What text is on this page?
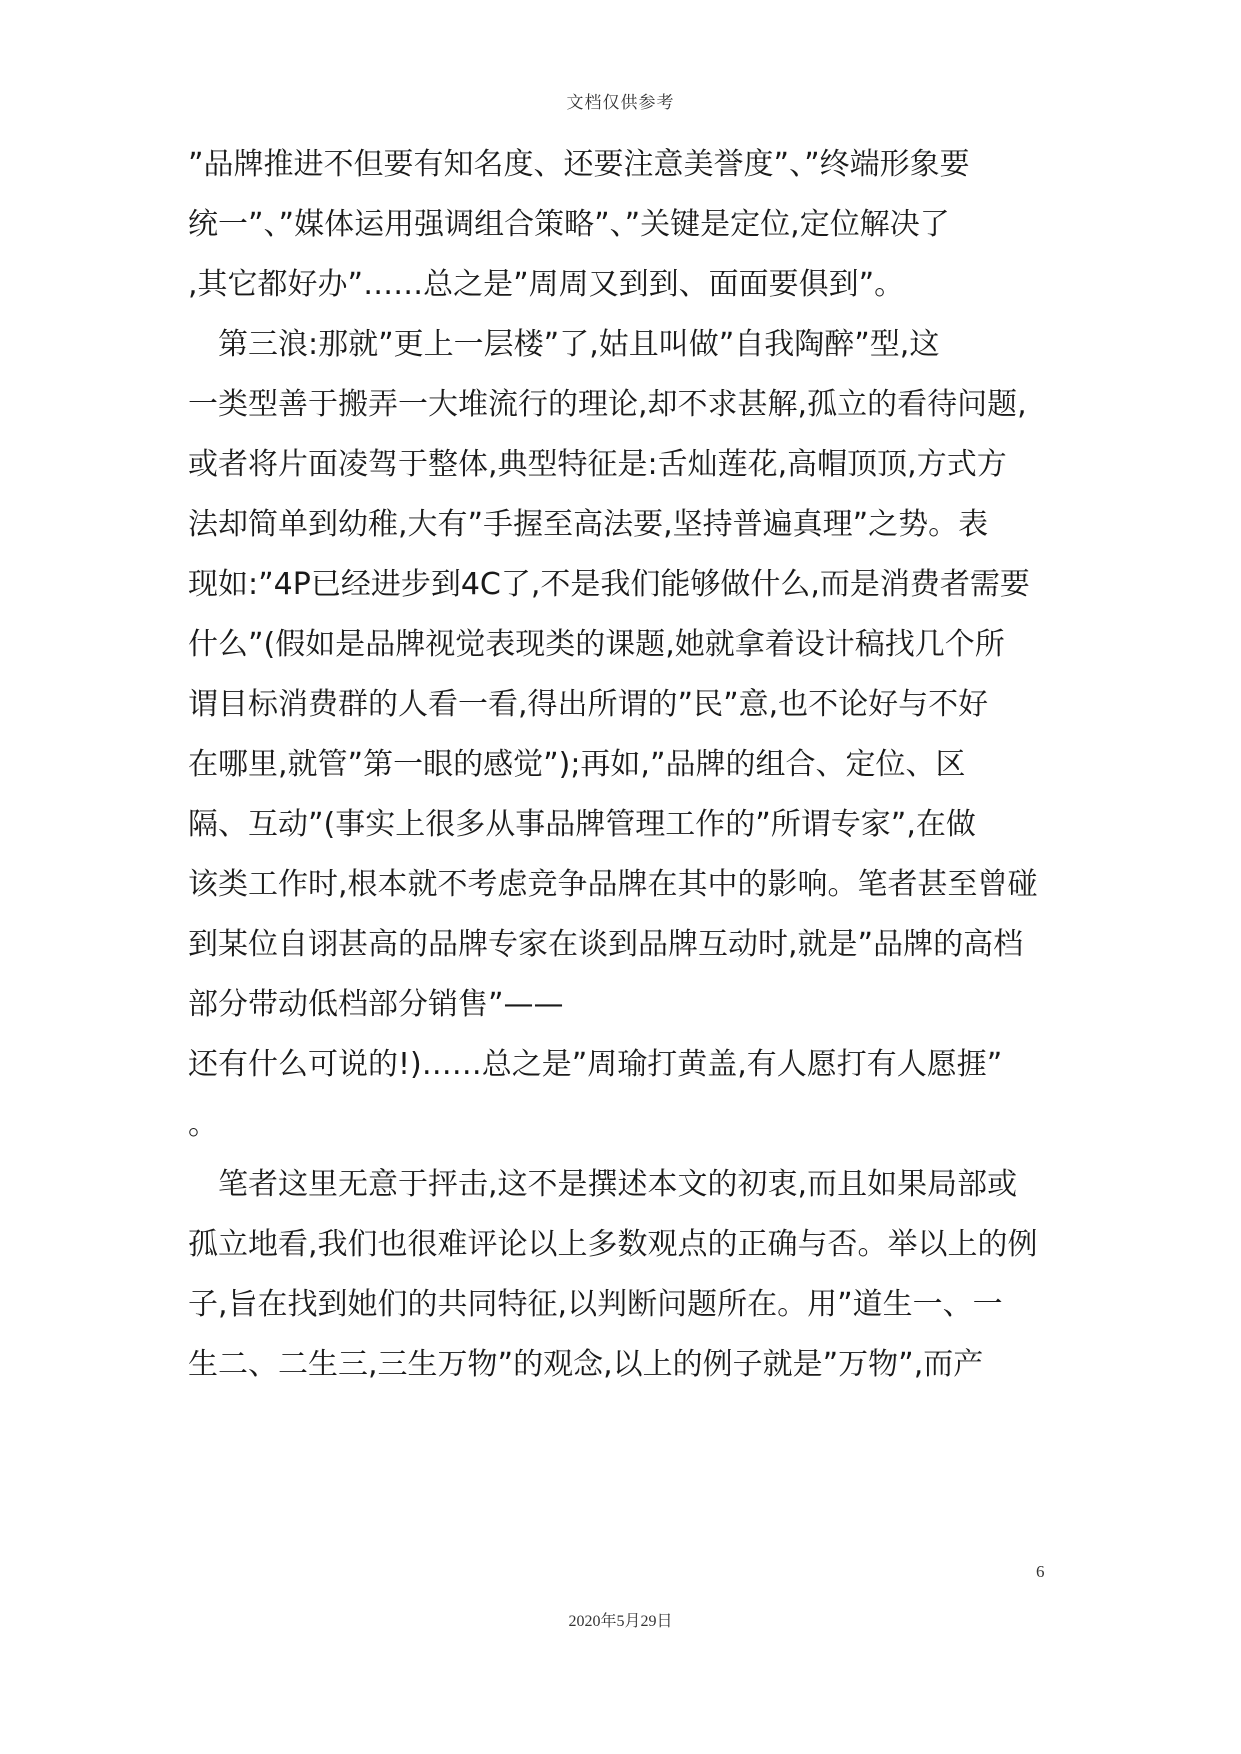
文档仅供参考
”品牌推进不但要有知名度、还要注意美誉度”、”终端形象要
统一”、”媒体运用强调组合策略”、”关键是定位,定位解决了
,其它都好办”……总之是”周周又到到、面面要俱到”。
　第三浪:那就”更上一层楼”了,姑且叫做”自我陶醉”型,这
一类型善于搬弄一大堆流行的理论,却不求甚解,孤立的看待问题,
或者将片面凌驾于整体,典型特征是:舌灿莲花,高帽顶顶,方式方
法却简单到幼稚,大有”手握至高法要,坚持普遍真理”之势。表
现如:”4P已经进步到4C了,不是我们能够做什么,而是消费者需要
什么”(假如是品牌视觉表现类的课题,她就拿着设计稿找几个所
谓目标消费群的人看一看,得出所谓的”民”意,也不论好与不好
在哪里,就管”第一眼的感觉”);再如,”品牌的组合、定位、区
隔、互动”(事实上很多从事品牌管理工作的”所谓专家”,在做
该类工作时,根本就不考虑竞争品牌在其中的影响。笔者甚至曾碰
到某位自诩甚高的品牌专家在谈到品牌互动时,就是”品牌的高档
部分带动低档部分销售”——
还有什么可说的!)……总之是”周瑜打黄盖,有人愿打有人愿捱”
。
　笔者这里无意于抨击,这不是撰述本文的初衷,而且如果局部或
孤立地看,我们也很难评论以上多数观点的正确与否。举以上的例
子,旨在找到她们的共同特征,以判断问题所在。用”道生一、一
生二、二生三,三生万物”的观念,以上的例子就是”万物”,而产
6
2020年5月29日
